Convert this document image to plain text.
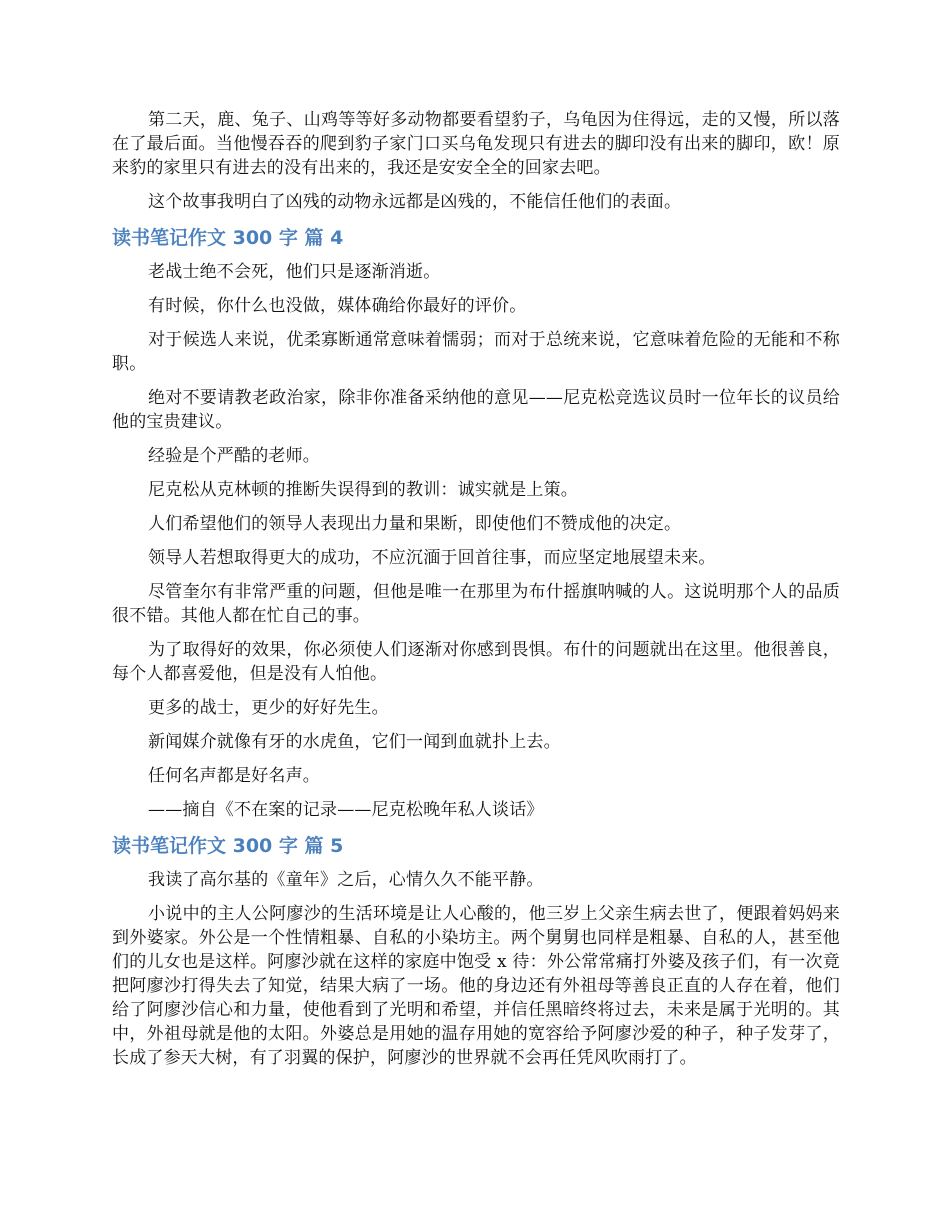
第二天，鹿、兔子、山鸡等等好多动物都要看望豹子，乌龟因为住得远，走的又慢，所以落在了最后面。当他慢吞吞的爬到豹子家门口买乌龟发现只有进去的脚印没有出来的脚印，欧！原来豹的家里只有进去的没有出来的，我还是安安全全的回家去吧。

这个故事我明白了凶残的动物永远都是凶残的，不能信任他们的表面。

读书笔记作文 300 字 篇 4

老战士绝不会死，他们只是逐渐消逝。

有时候，你什么也没做，媒体确给你最好的评价。

对于候选人来说，优柔寡断通常意味着懦弱；而对于总统来说，它意味着危险的无能和不称职。

绝对不要请教老政治家，除非你准备采纳他的意见——尼克松竞选议员时一位年长的议员给他的宝贵建议。

经验是个严酷的老师。

尼克松从克林顿的推断失误得到的教训：诚实就是上策。

人们希望他们的领导人表现出力量和果断，即使他们不赞成他的决定。

领导人若想取得更大的成功，不应沉湎于回首往事，而应坚定地展望未来。

尽管奎尔有非常严重的问题，但他是唯一在那里为布什摇旗呐喊的人。这说明那个人的品质很不错。其他人都在忙自己的事。

为了取得好的效果，你必须使人们逐渐对你感到畏惧。布什的问题就出在这里。他很善良，每个人都喜爱他，但是没有人怕他。

更多的战士，更少的好好先生。

新闻媒介就像有牙的水虎鱼，它们一闻到血就扑上去。

任何名声都是好名声。

——摘自《不在案的记录——尼克松晚年私人谈话》

读书笔记作文 300 字 篇 5

我读了高尔基的《童年》之后，心情久久不能平静。

小说中的主人公阿廖沙的生活环境是让人心酸的，他三岁上父亲生病去世了，便跟着妈妈来到外婆家。外公是一个性情粗暴、自私的小染坊主。两个舅舅也同样是粗暴、自私的人，甚至他们的儿女也是这样。阿廖沙就在这样的家庭中饱受 x 待：外公常常痛打外婆及孩子们，有一次竟把阿廖沙打得失去了知觉，结果大病了一场。他的身边还有外祖母等善良正直的人存在着，他们给了阿廖沙信心和力量，使他看到了光明和希望，并信任黑暗终将过去，未来是属于光明的。其中，外祖母就是他的太阳。外婆总是用她的温存用她的宽容给予阿廖沙爱的种子，种子发芽了，长成了参天大树，有了羽翼的保护，阿廖沙的世界就不会再任凭风吹雨打了。
